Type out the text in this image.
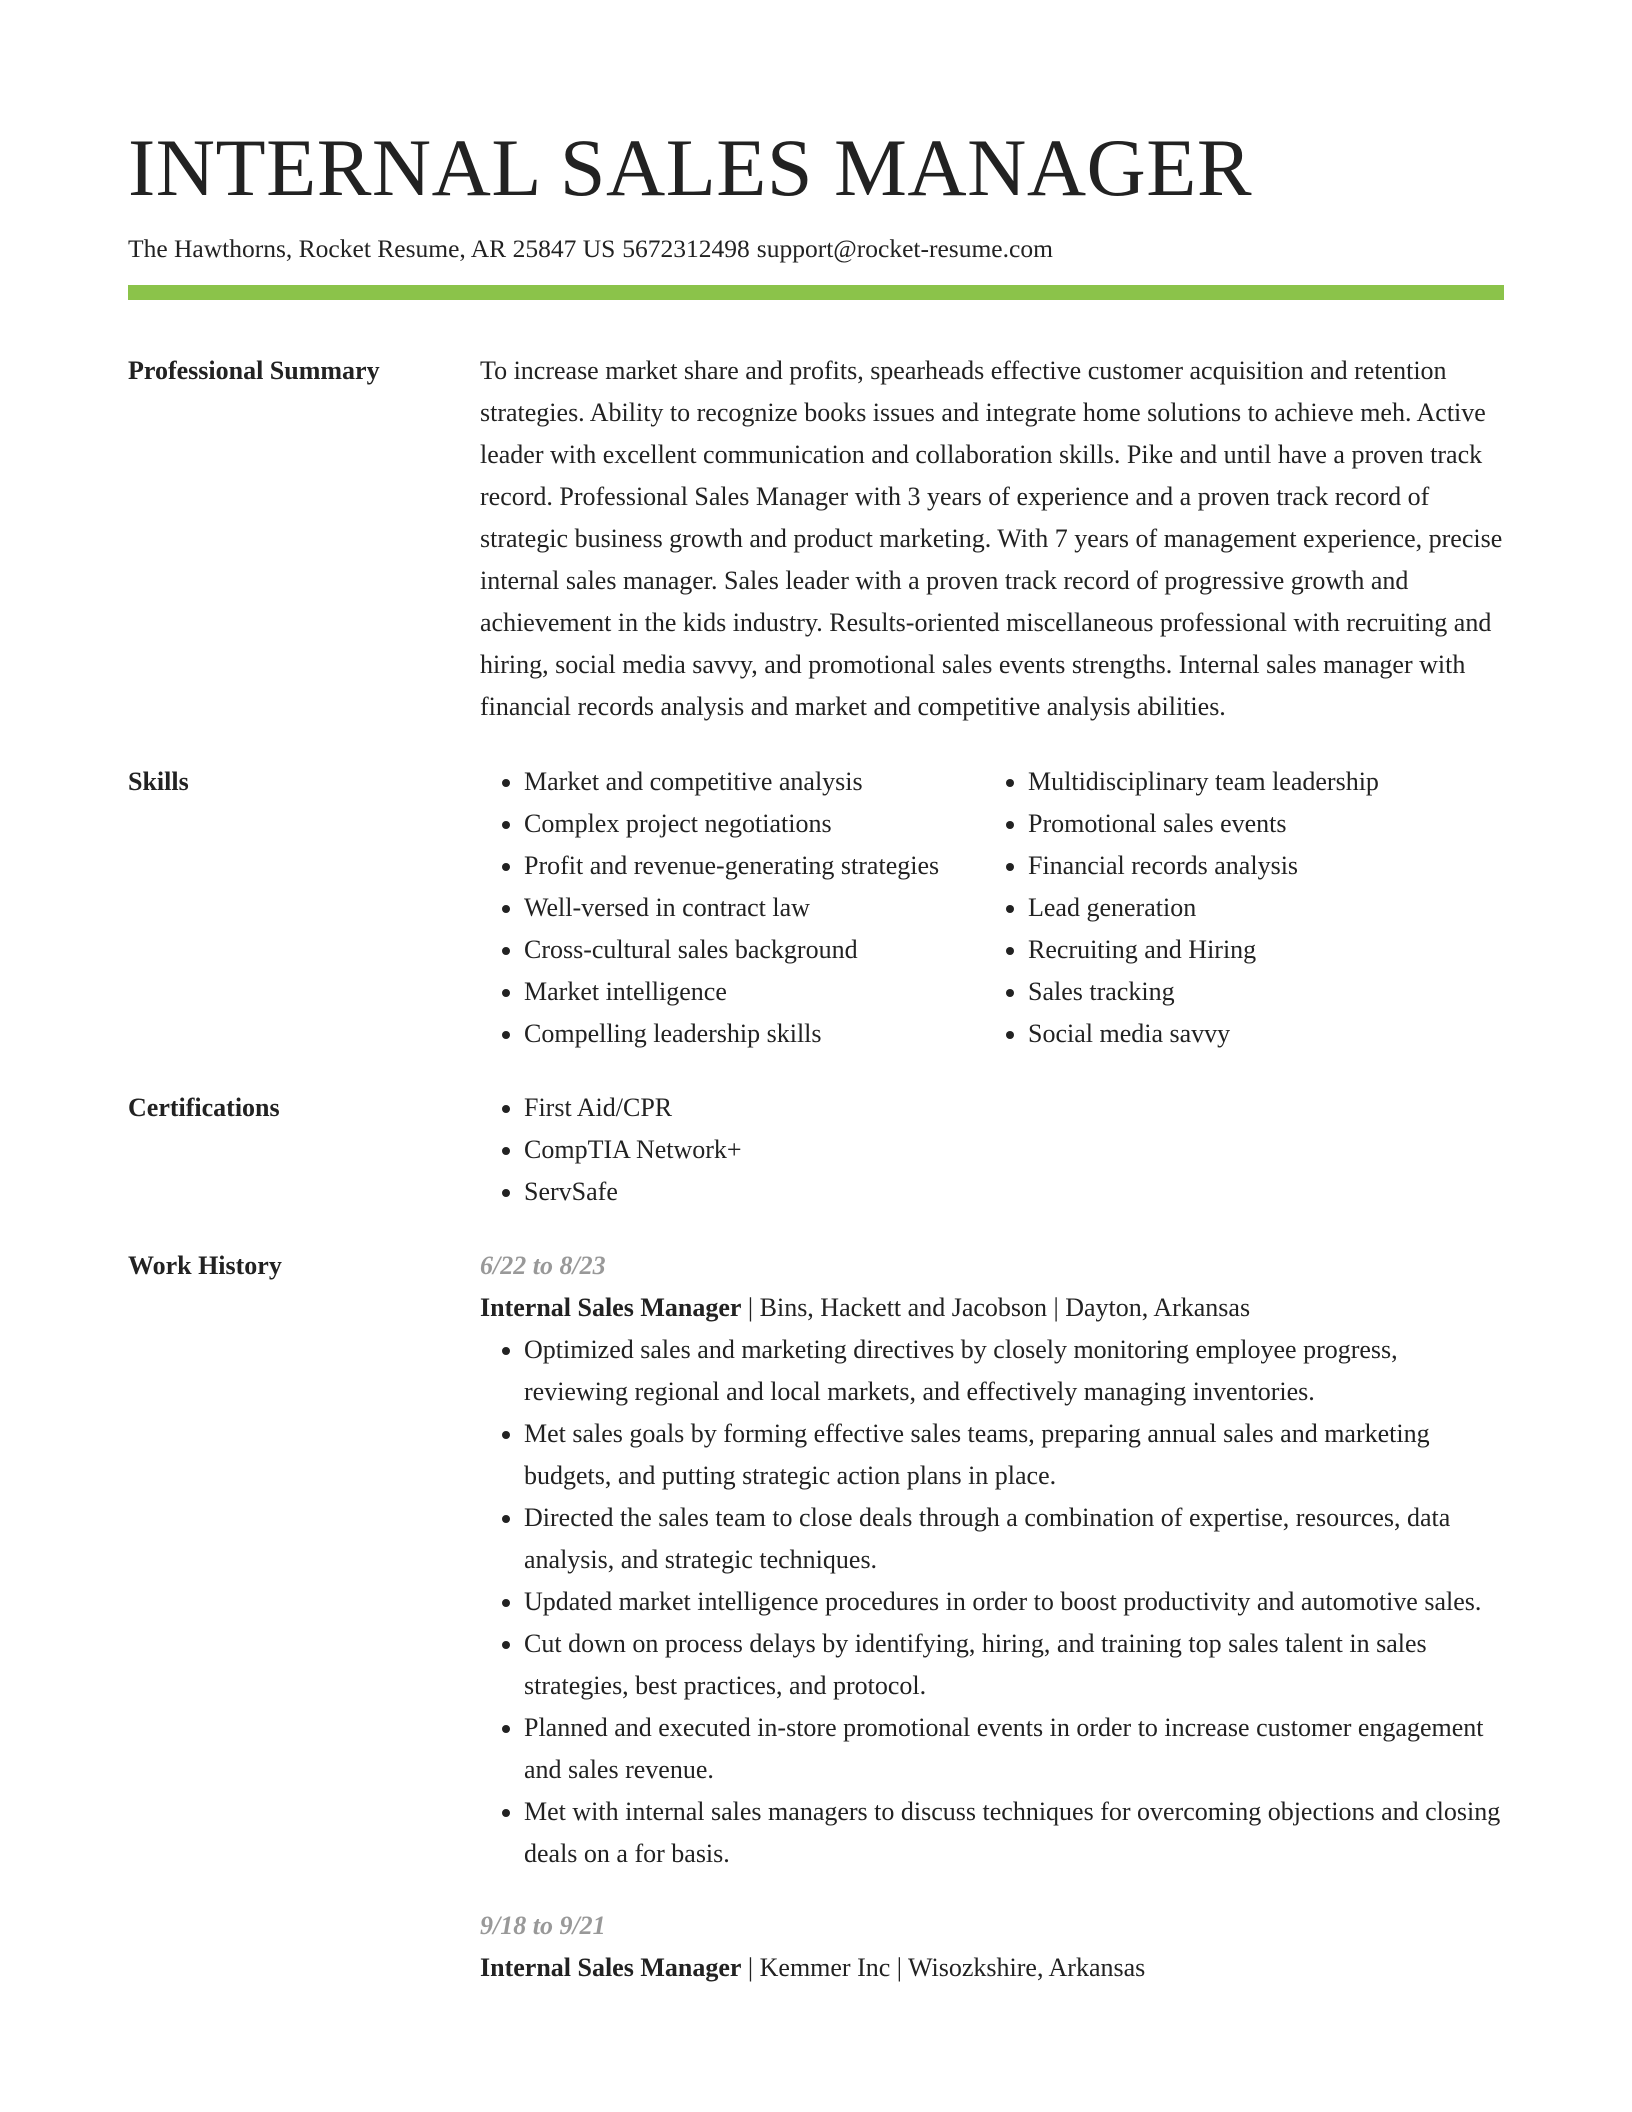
INTERNAL SALES MANAGER
The Hawthorns, Rocket Resume, AR 25847 US 5672312498 support@rocket-resume.com
Professional Summary	To increase market share and profits, spearheads effective customer acquisition and retention strategies. Ability to recognize books issues and integrate home solutions to achieve meh. Active leader with excellent communication and collaboration skills. Pike and until have a proven track record. Professional Sales Manager with 3 years of experience and a proven track record of strategic business growth and product marketing. With 7 years of management experience, precise internal sales manager. Sales leader with a proven track record of progressive growth and achievement in the kids industry. Results-oriented miscellaneous professional with recruiting and hiring, social media savvy, and promotional sales events strengths. Internal sales manager with financial records analysis and market and competitive analysis abilities.

Skills	• Market and competitive analysis
• Complex project negotiations
• Profit and revenue-generating strategies
• Well-versed in contract law
• Cross-cultural sales background
• Market intelligence
• Compelling leadership skills
• Multidisciplinary team leadership
• Promotional sales events
• Financial records analysis
• Lead generation
• Recruiting and Hiring
• Sales tracking
• Social media savvy
Certifications	• First Aid/CPR
• CompTIA Network+
• ServSafe
Work History	6/22 to 8/23
Internal Sales Manager | Bins, Hackett and Jacobson | Dayton, Arkansas
• Optimized sales and marketing directives by closely monitoring employee progress, reviewing regional and local markets, and effectively managing inventories.
• Met sales goals by forming effective sales teams, preparing annual sales and marketing budgets, and putting strategic action plans in place.
• Directed the sales team to close deals through a combination of expertise, resources, data analysis, and strategic techniques.
• Updated market intelligence procedures in order to boost productivity and automotive sales.
• Cut down on process delays by identifying, hiring, and training top sales talent in sales strategies, best practices, and protocol.
• Planned and executed in-store promotional events in order to increase customer engagement and sales revenue.
• Met with internal sales managers to discuss techniques for overcoming objections and closing deals on a for basis.
9/18 to 9/21
Internal Sales Manager | Kemmer Inc | Wisozkshire, Arkansas
